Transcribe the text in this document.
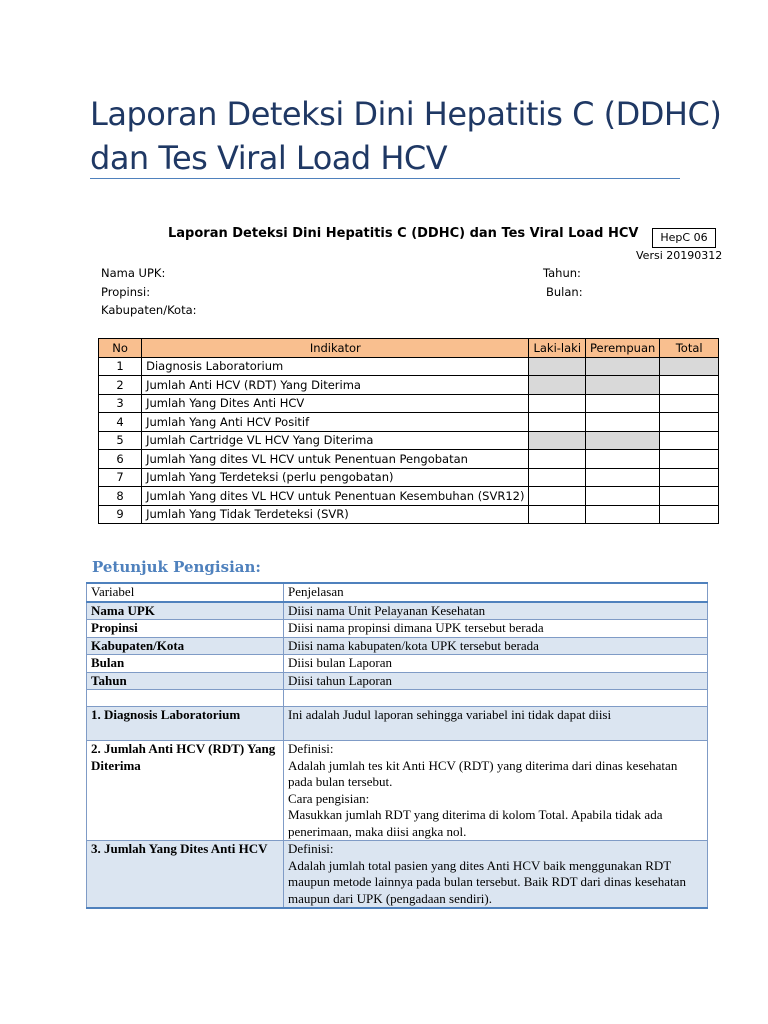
Laporan Deteksi Dini Hepatitis C (DDHC) dan Tes Viral Load HCV
Laporan Deteksi Dini Hepatitis C (DDHC) dan Tes Viral Load HCV	HepC 06
Versi 20190312
Nama UPK:
Propinsi:
Kabupaten/Kota:
Tahun:
Bulan:
No	Indikator	Laki-laki	Perempuan	Total
1	Diagnosis Laboratorium			
2	Jumlah Anti HCV (RDT) Yang Diterima			
3	Jumlah Yang Dites Anti HCV			
4	Jumlah Yang Anti HCV Positif			
5	Jumlah Cartridge VL HCV Yang Diterima			
6	Jumlah Yang dites VL HCV untuk Penentuan Pengobatan			
7	Jumlah Yang Terdeteksi (perlu pengobatan)			
8	Jumlah Yang dites VL HCV untuk Penentuan Kesembuhan (SVR12)			
9	Jumlah Yang Tidak Terdeteksi (SVR)			
Petunjuk Pengisian:
Variabel	Penjelasan
Nama UPK	Diisi nama Unit Pelayanan Kesehatan

Propinsi	Diisi nama propinsi dimana UPK tersebut berada

Kabupaten/Kota	Diisi nama kabupaten/kota UPK tersebut berada

Bulan	Diisi bulan Laporan

Tahun	Diisi tahun Laporan

1. Diagnosis Laboratorium	Ini adalah Judul laporan sehingga variabel ini tidak dapat diisi

2. Jumlah Anti HCV (RDT) Yang Diterima	Definisi:
Adalah jumlah tes kit Anti HCV (RDT) yang diterima dari dinas kesehatan pada bulan tersebut.
Cara pengisian:
Masukkan jumlah RDT yang diterima di kolom Total. Apabila tidak ada penerimaan, maka diisi angka nol.

3. Jumlah Yang Dites Anti HCV	Definisi:
Adalah jumlah total pasien yang dites Anti HCV baik menggunakan RDT maupun metode lainnya pada bulan tersebut. Baik RDT dari dinas kesehatan maupun dari UPK (pengadaan sendiri).
